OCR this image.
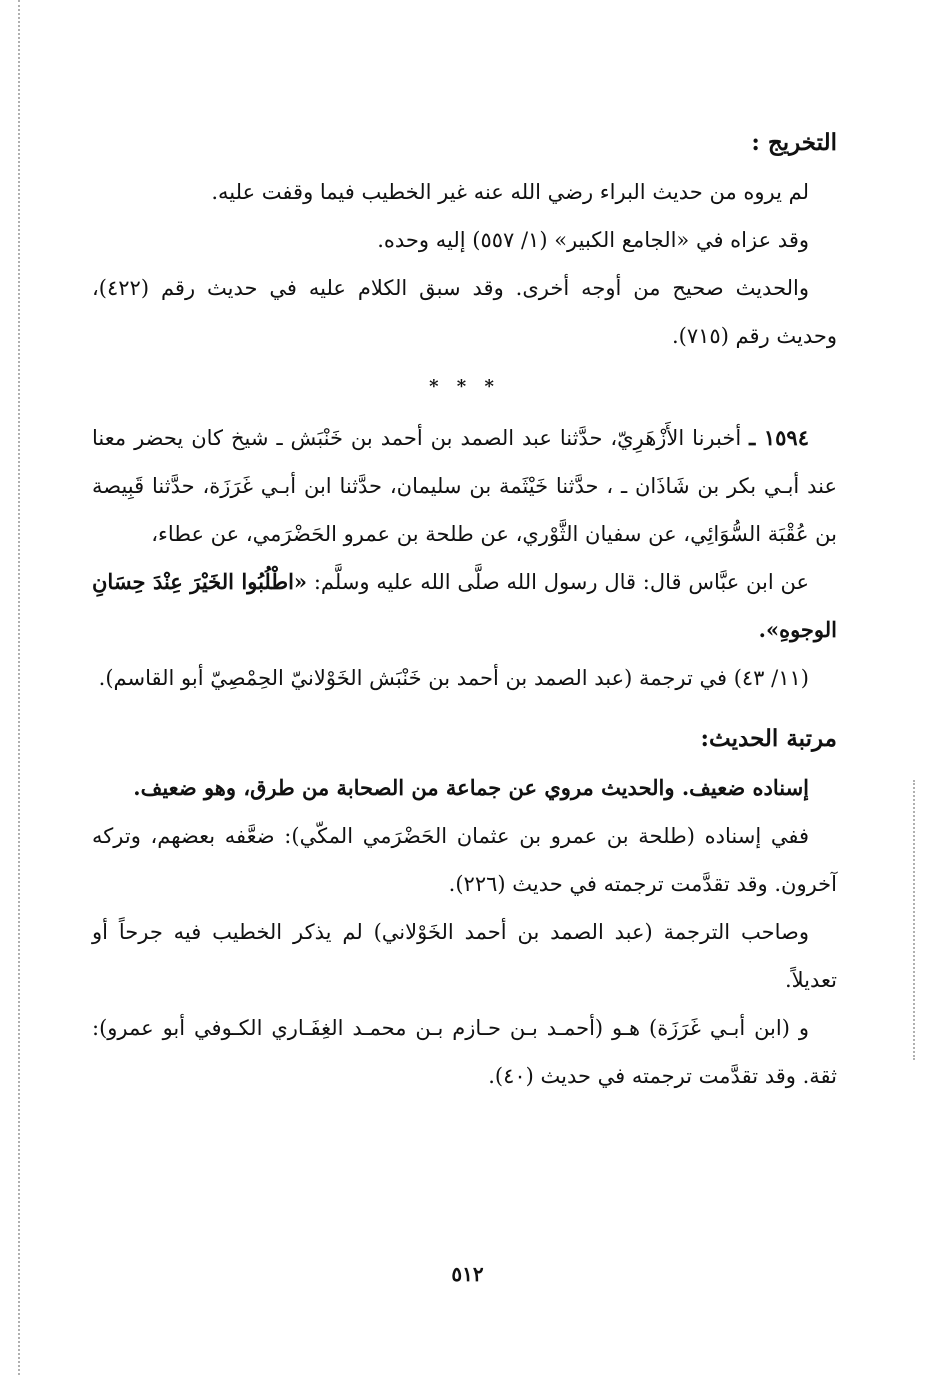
التخريج :

لم يروه من حديث البراء رضي الله عنه غير الخطيب فيما وقفت عليه.

وقد عزاه في «الجامع الكبير» (١/ ٥٥٧) إليه وحده.

والحديث صحيح من أوجه أخرى. وقد سبق الكلام عليه في حديث رقم (٤٢٢)، وحديث رقم (٧١٥).

* * *

١٥٩٤ ـ أخبرنا الأَزْهَرِيّ، حدَّثنا عبد الصمد بن أحمد بن خَنْبَش ـ شيخ كان يحضر معنا عند أبـي بكر بن شَاذَان ـ ، حدَّثنا خَيْثَمة بن سليمان، حدَّثنا ابن أبـي غَرَزَة، حدَّثنا قَبِيصة بن عُقْبَة السُّوَائِي، عن سفيان الثَّوْري، عن طلحة بن عمرو الحَضْرَمي، عن عطاء،

عن ابن عبَّاس قال: قال رسول الله صلَّى الله عليه وسلَّم: «اطْلُبُوا الخَيْرَ عِنْدَ حِسَانِ الوجوهِ».

(١١/ ٤٣) في ترجمة (عبد الصمد بن أحمد بن خَنْبَش الخَوْلانيّ الحِمْصِيّ أبو القاسم).

مرتبة الحديث:

إسناده ضعيف. والحديث مروي عن جماعة من الصحابة من طرق، وهو ضعيف.

ففي إسناده (طلحة بن عمرو بن عثمان الحَضْرَمي المكّي): ضعَّفه بعضهم، وتركه آخرون. وقد تقدَّمت ترجمته في حديث (٢٢٦).

وصاحب الترجمة (عبد الصمد بن أحمد الخَوْلاني) لم يذكر الخطيب فيه جرحاً أو تعديلاً.

و (ابن أبـي غَرَزَة) هـو (أحمـد بـن حـازم بـن محمـد الغِفَـاري الكـوفي أبو عمرو): ثقة. وقد تقدَّمت ترجمته في حديث (٤٠).

٥١٢
